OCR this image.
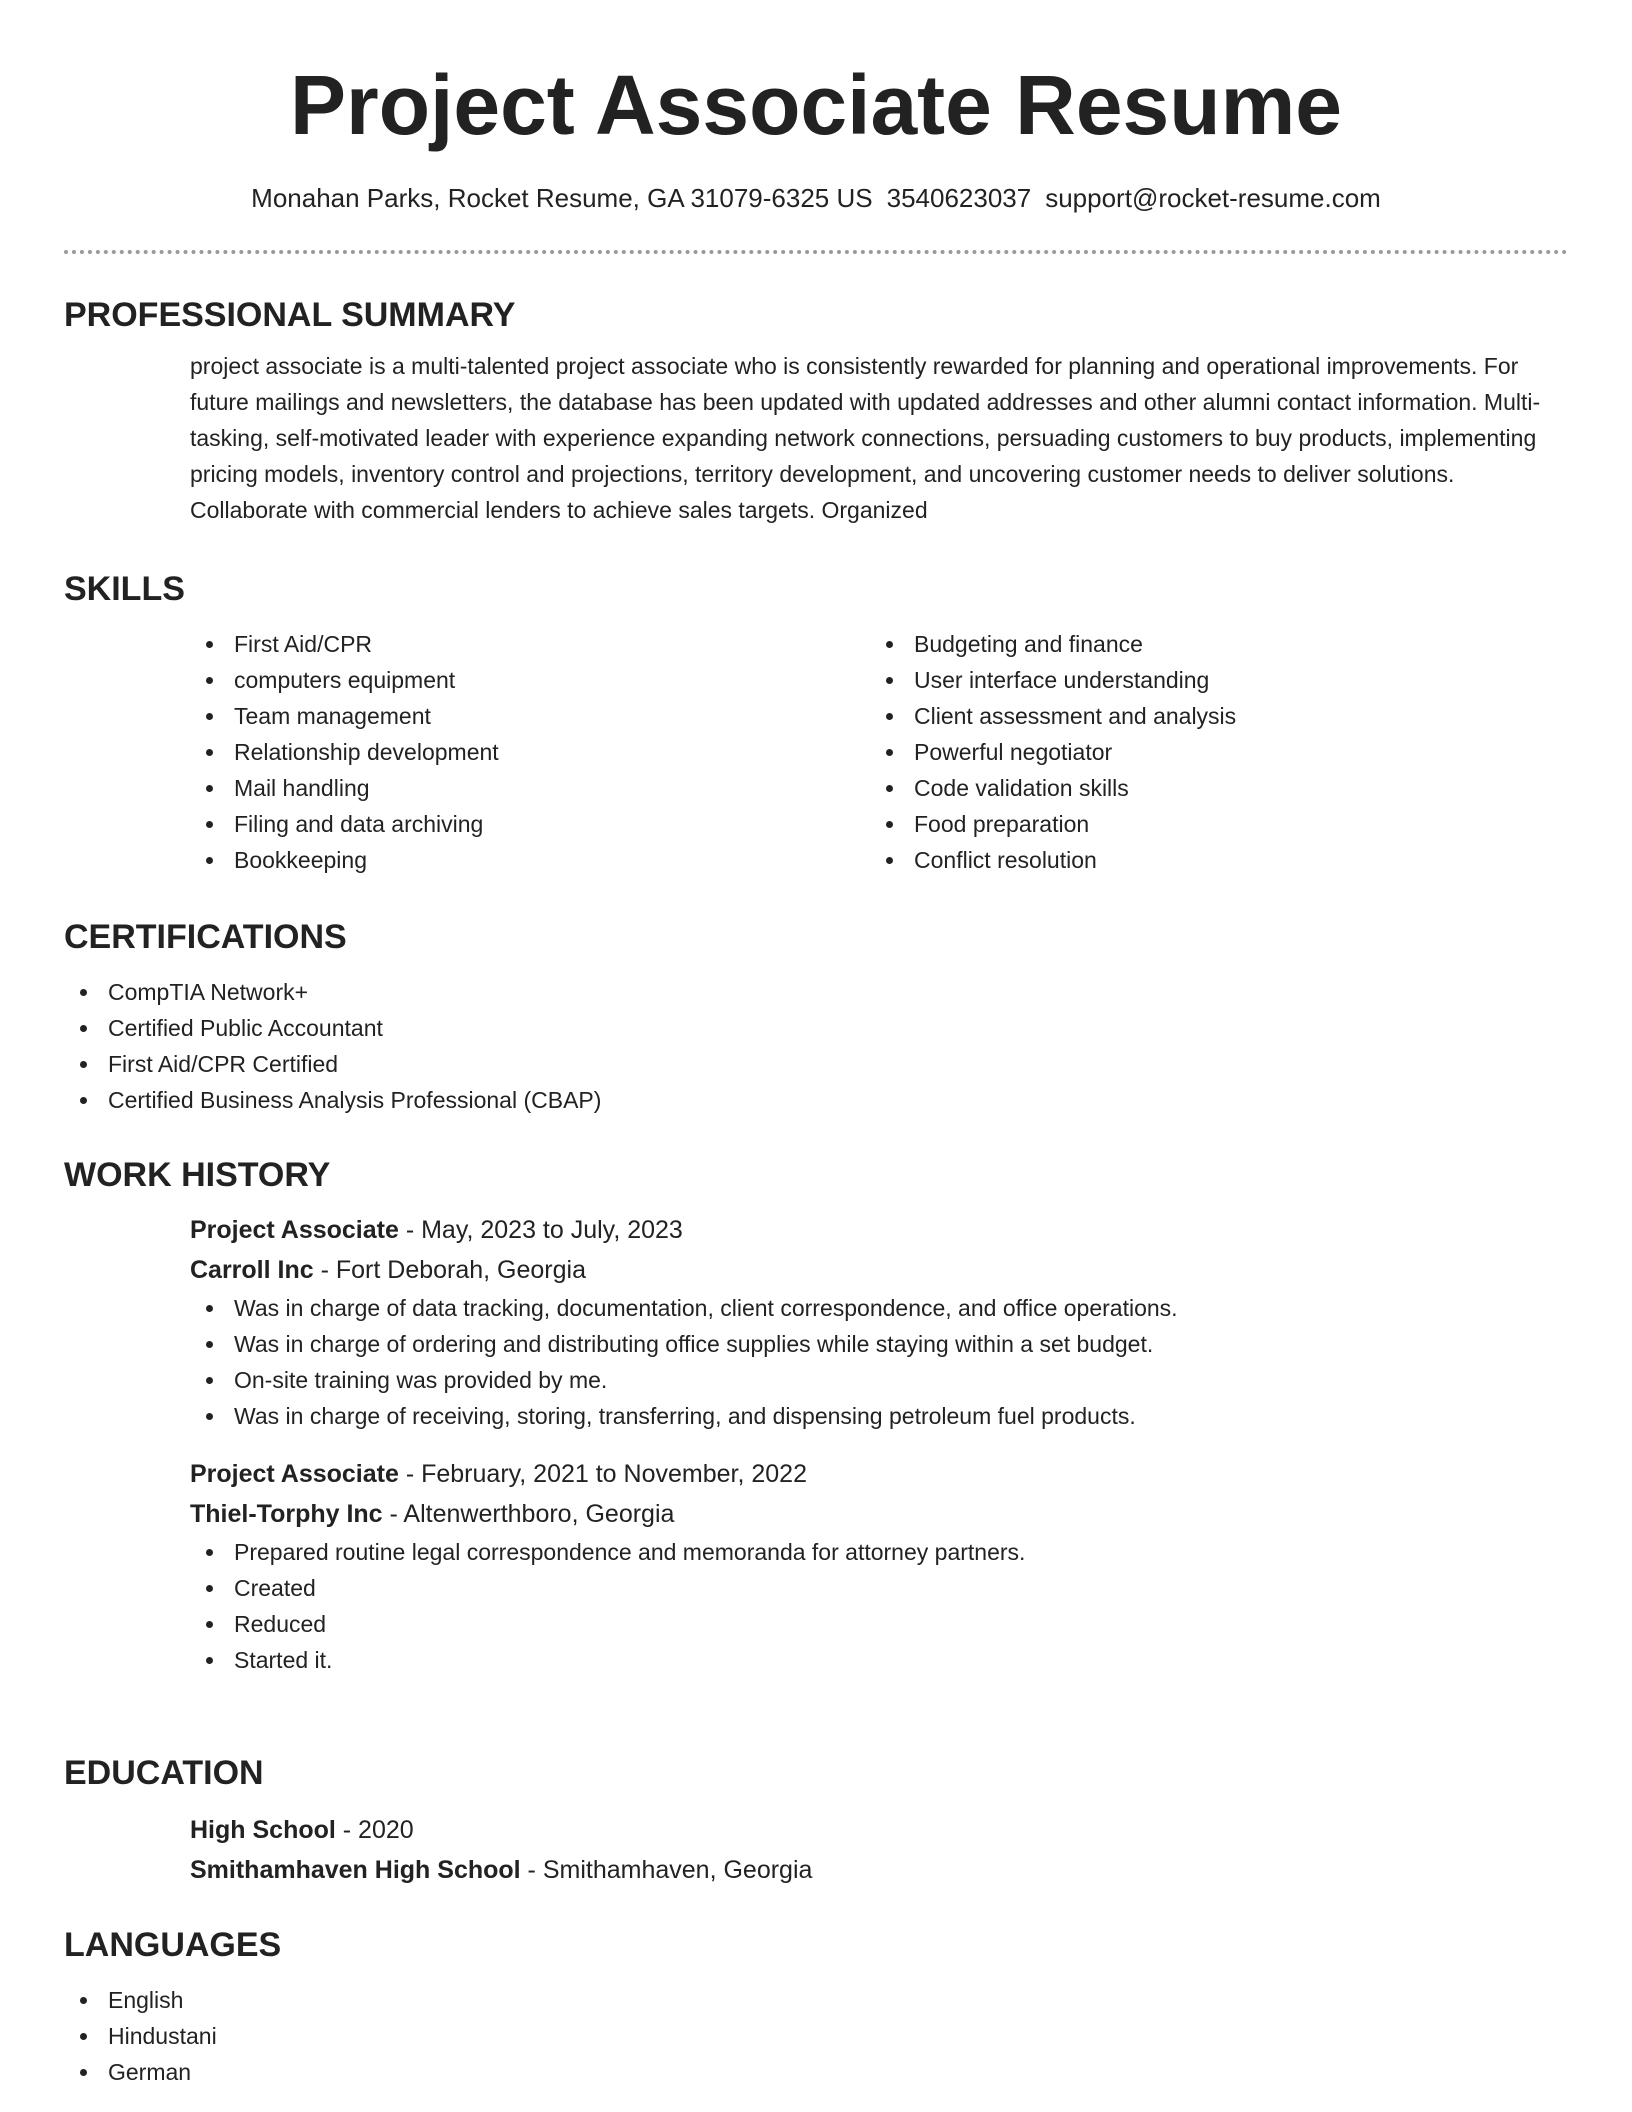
Project Associate Resume
Monahan Parks, Rocket Resume, GA 31079-6325 US 3540623037 support@rocket-resume.com
PROFESSIONAL SUMMARY

project associate is a multi-talented project associate who is consistently rewarded for planning and operational improvements. For future mailings and newsletters, the database has been updated with updated addresses and other alumni contact information. Multi-tasking, self-motivated leader with experience expanding network connections, persuading customers to buy products, implementing pricing models, inventory control and projections, territory development, and uncovering customer needs to deliver solutions. Collaborate with commercial lenders to achieve sales targets. Organized

SKILLS
First Aid/CPR
computers equipment
Team management
Relationship development
Mail handling
Filing and data archiving
Bookkeeping
Budgeting and finance
User interface understanding
Client assessment and analysis
Powerful negotiator
Code validation skills
Food preparation
Conflict resolution
CERTIFICATIONS
CompTIA Network+
Certified Public Accountant
First Aid/CPR Certified
Certified Business Analysis Professional (CBAP)
WORK HISTORY
Project Associate - May, 2023 to July, 2023
Carroll Inc - Fort Deborah, Georgia
Was in charge of data tracking, documentation, client correspondence, and office operations.
Was in charge of ordering and distributing office supplies while staying within a set budget.
On-site training was provided by me.
Was in charge of receiving, storing, transferring, and dispensing petroleum fuel products.
Project Associate - February, 2021 to November, 2022
Thiel-Torphy Inc - Altenwerthboro, Georgia
Prepared routine legal correspondence and memoranda for attorney partners.
Created
Reduced
Started it.
EDUCATION
High School - 2020
Smithamhaven High School - Smithamhaven, Georgia
LANGUAGES
English
Hindustani
German
